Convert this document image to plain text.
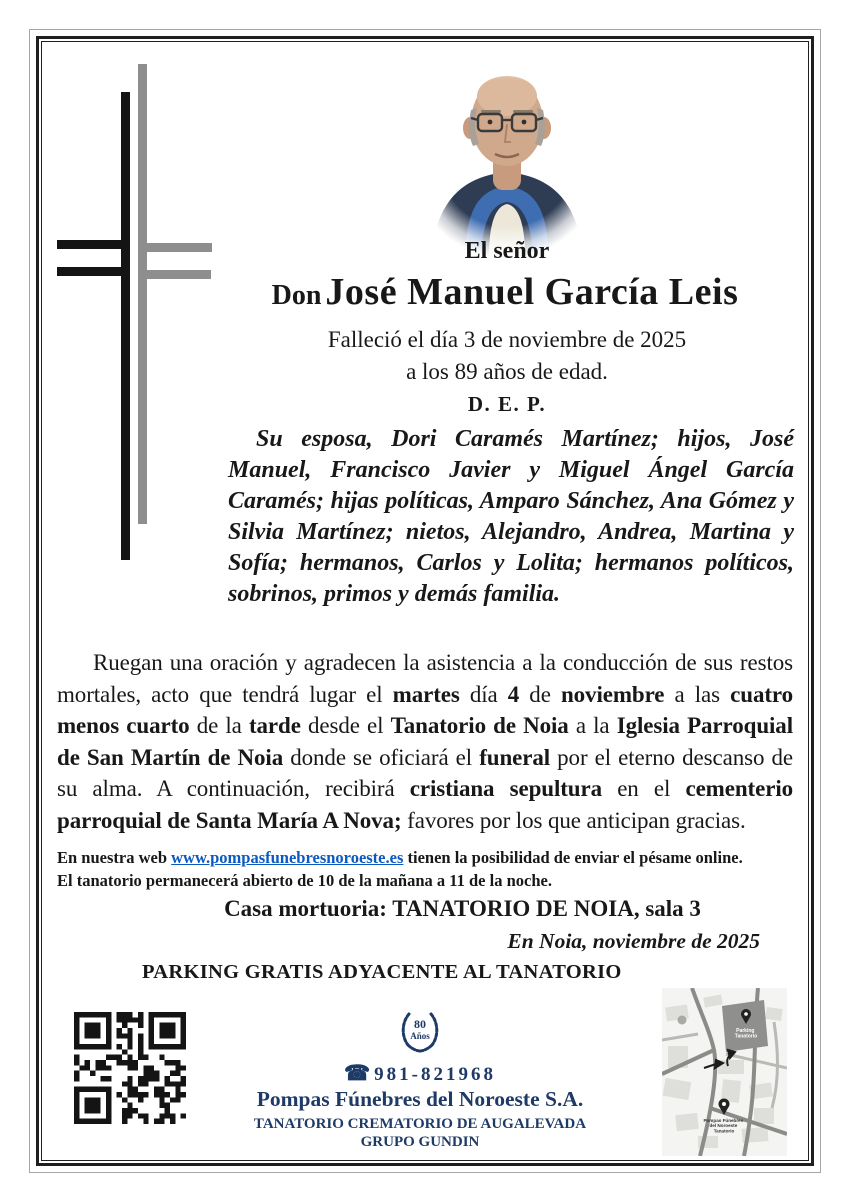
El señor
Don José Manuel García Leis
Falleció el día 3 de noviembre de 2025
a los 89 años de edad.
D. E. P.
Su esposa, Dori Caramés Martínez; hijos, José Manuel, Francisco Javier y Miguel Ángel García Caramés; hijas políticas, Amparo Sánchez, Ana Gómez y Silvia Martínez; nietos, Alejandro, Andrea, Martina y Sofía; hermanos, Carlos y Lolita; hermanos políticos, sobrinos, primos y demás familia.
Ruegan una oración y agradecen la asistencia a la conducción de sus restos mortales, acto que tendrá lugar el martes día 4 de noviembre a las cuatro menos cuarto de la tarde desde el Tanatorio de Noia a la Iglesia Parroquial de San Martín de Noia donde se oficiará el funeral por el eterno descanso de su alma. A continuación, recibirá cristiana sepultura en el cementerio parroquial de Santa María A Nova; favores por los que anticipan gracias.
En nuestra web www.pompasfunebresnoroeste.es tienen la posibilidad de enviar el pésame online.
El tanatorio permanecerá abierto de 10 de la mañana a 11 de la noche.
Casa mortuoria: TANATORIO DE NOIA, sala 3
En Noia, noviembre de 2025
PARKING GRATIS ADYACENTE AL TANATORIO
80
Años
☎ 981-821968
Pompas Fúnebres del Noroeste S.A.
TANATORIO CREMATORIO DE AUGALEVADA
GRUPO GUNDIN
Parking Tanatorio
Pompas Fúnebres del Noroeste Tanatorio
